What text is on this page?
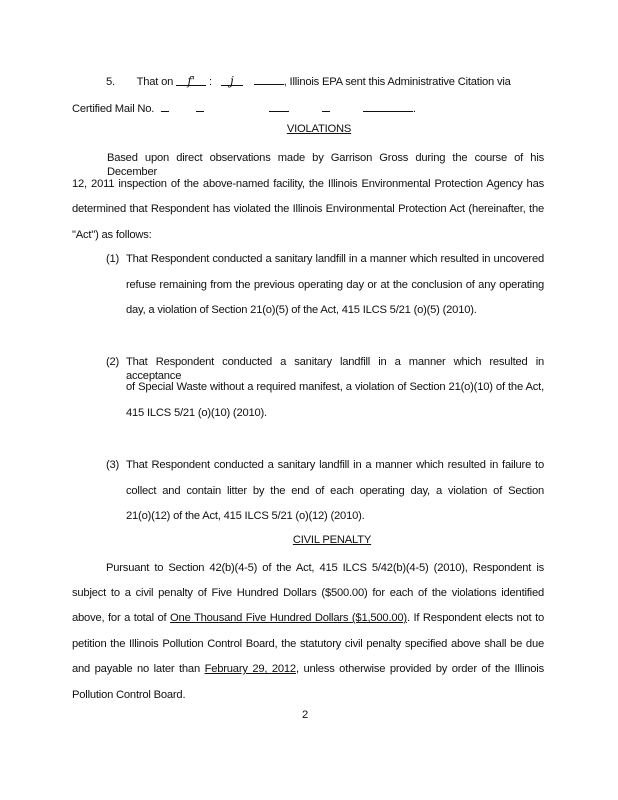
5. That on f' : j	, Illinois EPA sent this Administrative Citation via
Certified Mail No.	.
VIOLATIONS
Based upon direct observations made by Garrison Gross during the course of his December
12, 2011 inspection of the above-named facility, the Illinois Environmental Protection Agency has
determined that Respondent has violated the Illinois Environmental Protection Act (hereinafter, the
"Act") as follows:
(1) That Respondent conducted a sanitary landfill in a manner which resulted in uncovered
refuse remaining from the previous operating day or at the conclusion of any operating
day, a violation of Section 21(o)(5) of the Act, 415 ILCS 5/21 (o)(5) (2010).
(2) That Respondent conducted a sanitary landfill in a manner which resulted in acceptance
of Special Waste without a required manifest, a violation of Section 21(o)(10) of the Act,
415 ILCS 5/21 (o)(10) (2010).
(3) That Respondent conducted a sanitary landfill in a manner which resulted in failure to
collect and contain litter by the end of each operating day, a violation of Section
21(o)(12) of the Act, 415 ILCS 5/21 (o)(12) (2010).
CIVIL PENALTY
Pursuant to Section 42(b)(4-5) of the Act, 415 ILCS 5/42(b)(4-5) (2010), Respondent is
subject to a civil penalty of Five Hundred Dollars ($500.00) for each of the violations identified
above, for a total of One Thousand Five Hundred Dollars ($1,500.00). If Respondent elects not to
petition the Illinois Pollution Control Board, the statutory civil penalty specified above shall be due
and payable no later than February 29, 2012, unless otherwise provided by order of the Illinois
Pollution Control Board.
2
